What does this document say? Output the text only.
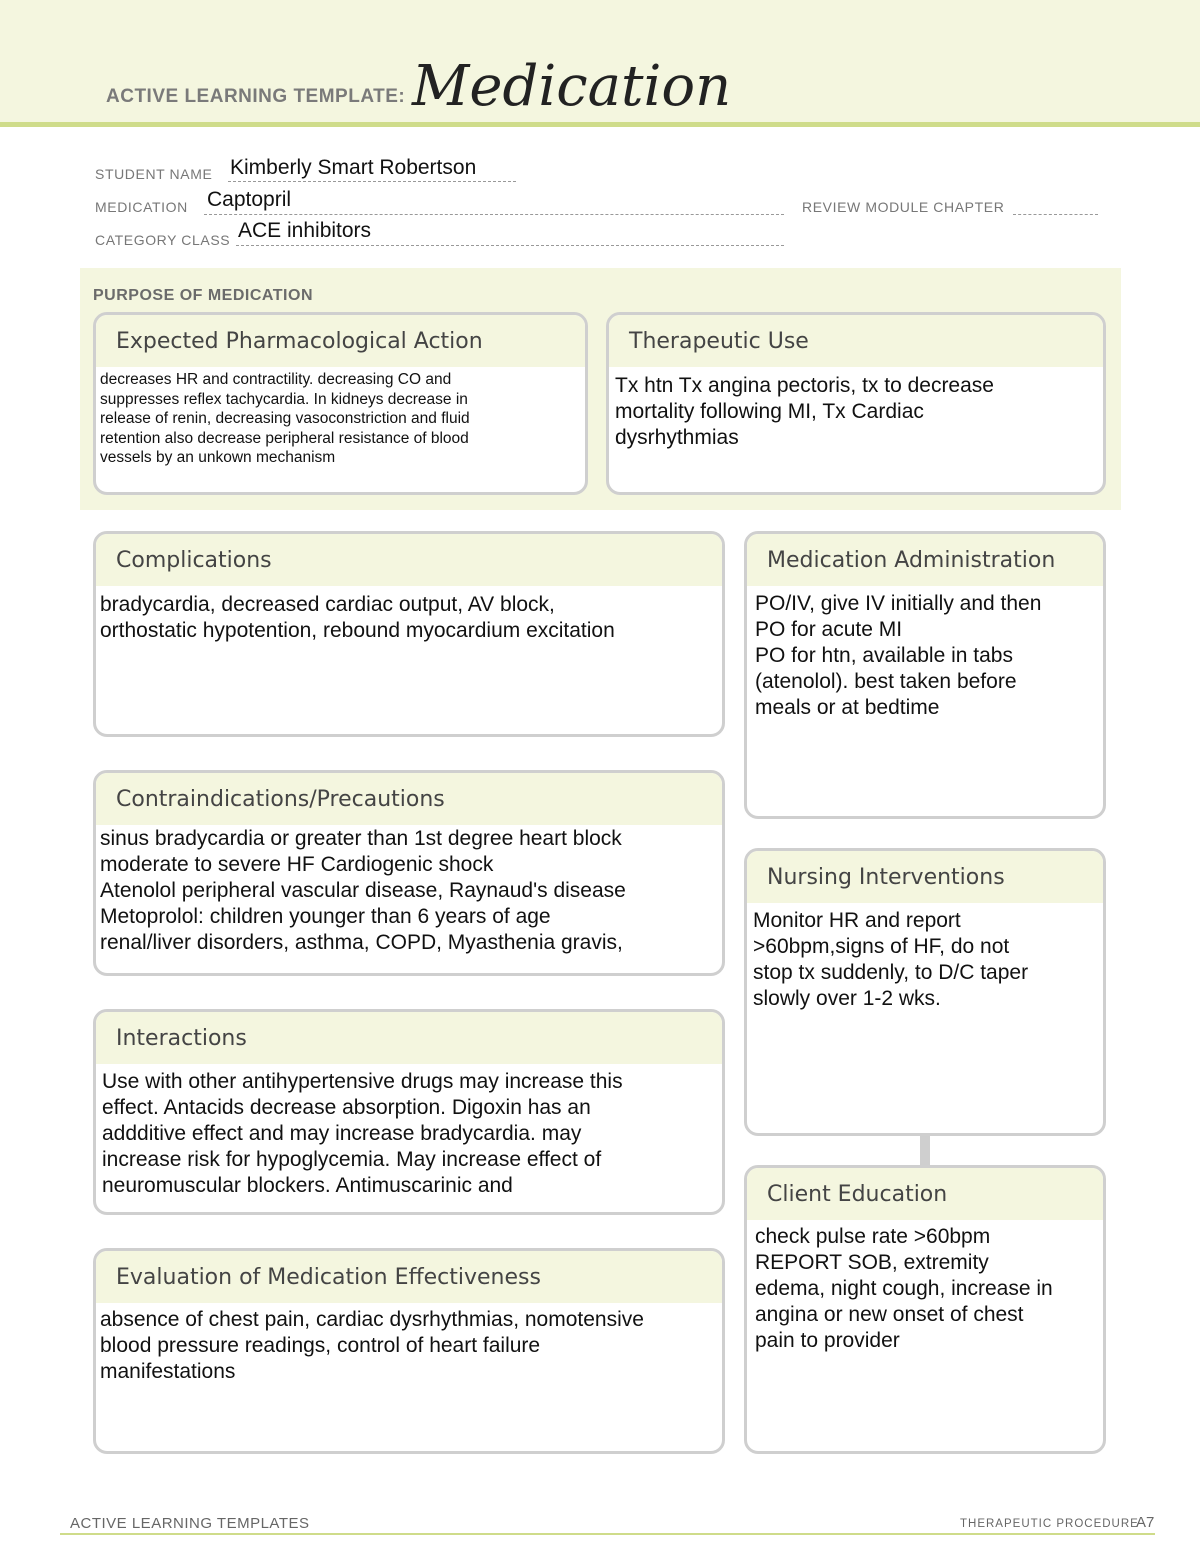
ACTIVE LEARNING TEMPLATE: Medication
STUDENT NAME Kimberly Smart Robertson
MEDICATION Captopril	REVIEW MODULE CHAPTER
CATEGORY CLASS ACE inhibitors
PURPOSE OF MEDICATION
Expected Pharmacological Action
decreases HR and contractility. decreasing CO and
suppresses reflex tachycardia. In kidneys decrease in
release of renin, decreasing vasoconstriction and fluid
retention also decrease peripheral resistance of blood
vessels by an unkown mechanism
Therapeutic Use
Tx htn Tx angina pectoris, tx to decrease
mortality following MI, Tx Cardiac
dysrhythmias
Complications
bradycardia, decreased cardiac output, AV block,
orthostatic hypotention, rebound myocardium excitation
Contraindications/Precautions
sinus bradycardia or greater than 1st degree heart block
moderate to severe HF Cardiogenic shock
Atenolol peripheral vascular disease, Raynaud's disease
Metoprolol: children younger than 6 years of age
renal/liver disorders, asthma, COPD, Myasthenia gravis,
Interactions
Use with other antihypertensive drugs may increase this
effect. Antacids decrease absorption. Digoxin has an
addditive effect and may increase bradycardia. may
increase risk for hypoglycemia. May increase effect of
neuromuscular blockers. Antimuscarinic and
Evaluation of Medication Effectiveness
absence of chest pain, cardiac dysrhythmias, nomotensive
blood pressure readings, control of heart failure
manifestations
Medication Administration
PO/IV, give IV initially and then
PO for acute MI
PO for htn, available in tabs
(atenolol). best taken before
meals or at bedtime
Nursing Interventions
Monitor HR and report
>60bpm,signs of HF, do not
stop tx suddenly, to D/C taper
slowly over 1-2 wks.
Client Education
check pulse rate >60bpm
REPORT SOB, extremity
edema, night cough, increase in
angina or new onset of chest
pain to provider
ACTIVE LEARNING TEMPLATES	THERAPEUTIC PROCEDURE
A7
